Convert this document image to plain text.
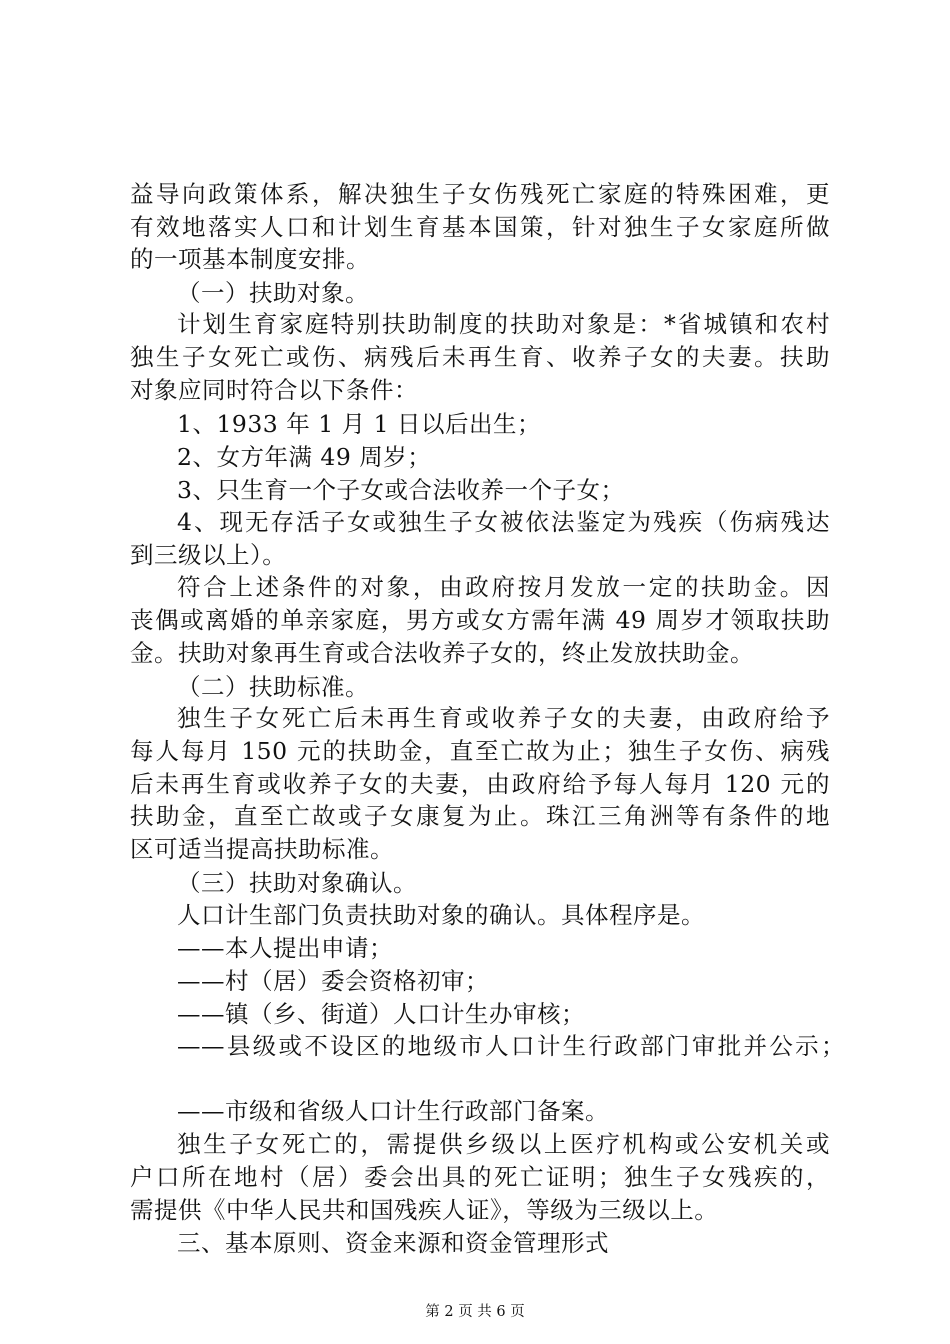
益导向政策体系，解决独生子女伤残死亡家庭的特殊困难，更
有效地落实人口和计划生育基本国策，针对独生子女家庭所做
的一项基本制度安排。
（一）扶助对象。
计划生育家庭特别扶助制度的扶助对象是：*省城镇和农村
独生子女死亡或伤、病残后未再生育、收养子女的夫妻。扶助
对象应同时符合以下条件：
1、1933 年 1 月 1 日以后出生；
2、女方年满 49 周岁；
3、只生育一个子女或合法收养一个子女；
4、现无存活子女或独生子女被依法鉴定为残疾（伤病残达
到三级以上）。
符合上述条件的对象，由政府按月发放一定的扶助金。因
丧偶或离婚的单亲家庭，男方或女方需年满 49 周岁才领取扶助
金。扶助对象再生育或合法收养子女的，终止发放扶助金。
（二）扶助标准。
独生子女死亡后未再生育或收养子女的夫妻，由政府给予
每人每月 150 元的扶助金，直至亡故为止；独生子女伤、病残
后未再生育或收养子女的夫妻，由政府给予每人每月 120 元的
扶助金，直至亡故或子女康复为止。珠江三角洲等有条件的地
区可适当提高扶助标准。
（三）扶助对象确认。
人口计生部门负责扶助对象的确认。具体程序是。
——本人提出申请；
——村（居）委会资格初审；
——镇（乡、街道）人口计生办审核；
——县级或不设区的地级市人口计生行政部门审批并公示；
——市级和省级人口计生行政部门备案。
独生子女死亡的，需提供乡级以上医疗机构或公安机关或
户口所在地村（居）委会出具的死亡证明；独生子女残疾的，
需提供《中华人民共和国残疾人证》，等级为三级以上。
三、基本原则、资金来源和资金管理形式
第 2 页 共 6 页
